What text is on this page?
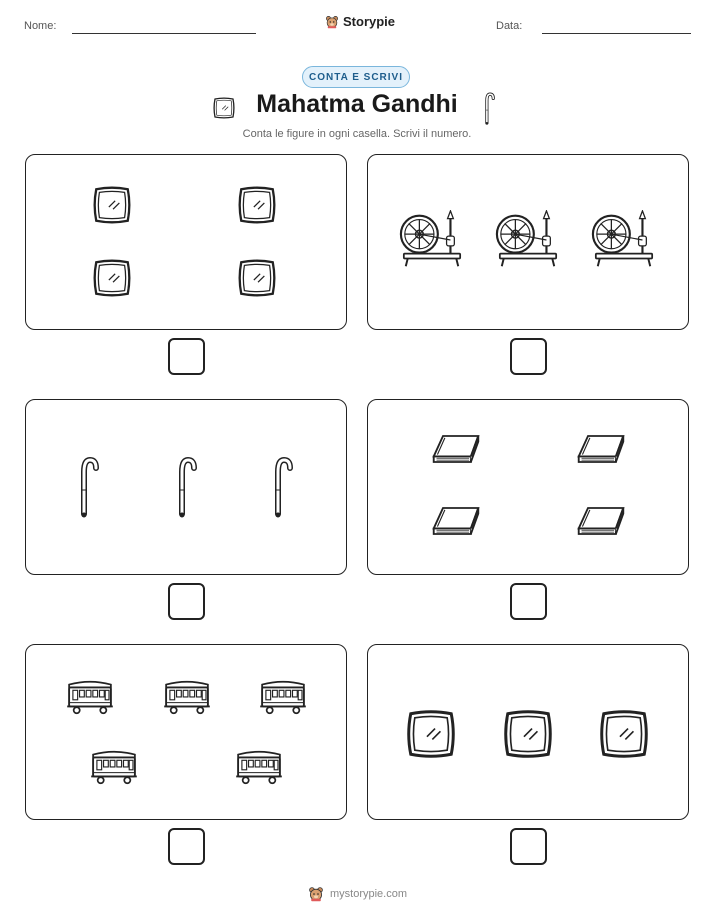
Nome:	Storypie	Data:
CONTA E SCRIVI
Mahatma Gandhi
Conta le figure in ogni casella. Scrivi il numero.
mystorypie.com
